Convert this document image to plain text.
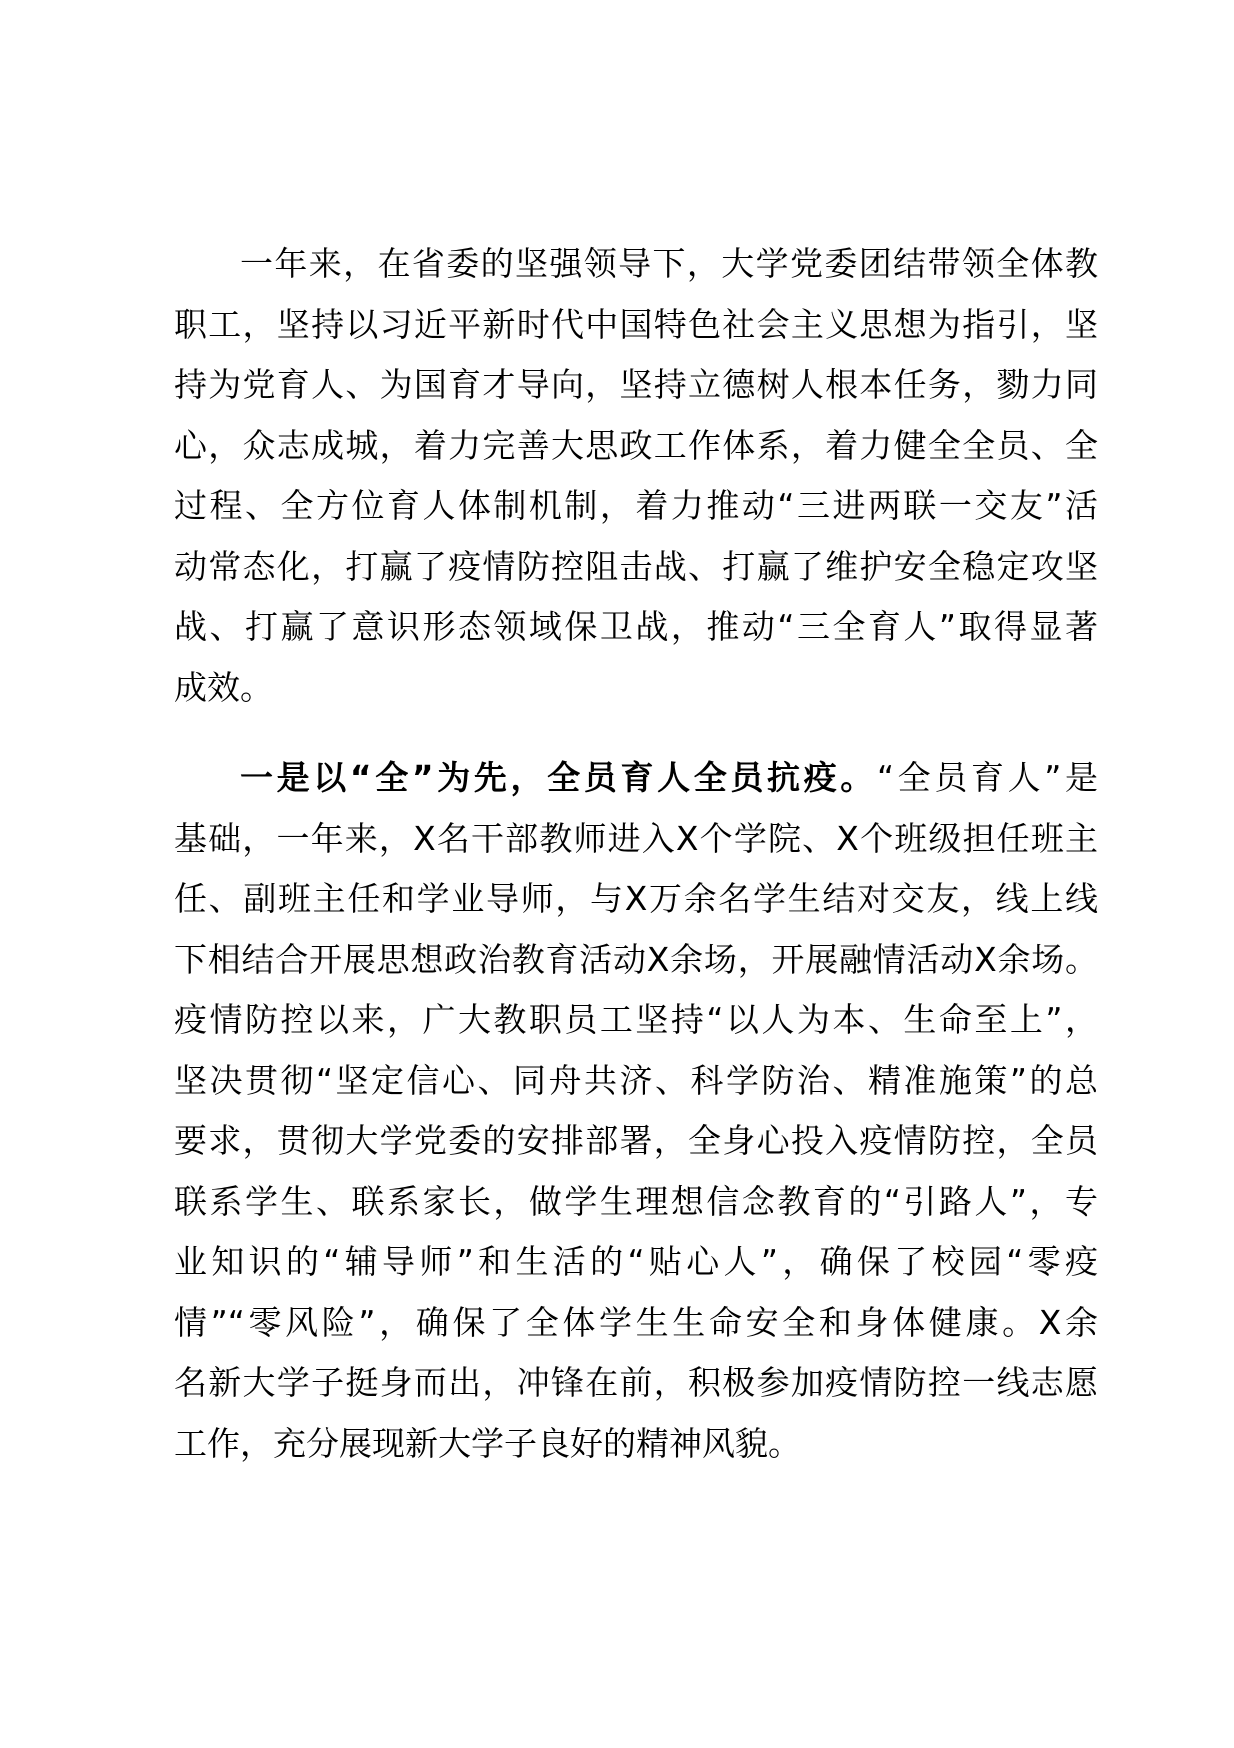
一年来，在省委的坚强领导下，大学党委团结带领全体教
职工，坚持以习近平新时代中国特色社会主义思想为指引，坚
持为党育人、为国育才导向，坚持立德树人根本任务，勠力同
心，众志成城，着力完善大思政工作体系，着力健全全员、全
过程、全方位育人体制机制，着力推动“三进两联一交友”活
动常态化，打赢了疫情防控阻击战、打赢了维护安全稳定攻坚
战、打赢了意识形态领域保卫战，推动“三全育人”取得显著
成效。
一是以“全”为先，全员育人全员抗疫。“全员育人”是
基础，一年来，X名干部教师进入X个学院、X个班级担任班主
任、副班主任和学业导师，与X万余名学生结对交友，线上线
下相结合开展思想政治教育活动X余场，开展融情活动X余场。
疫情防控以来，广大教职员工坚持“以人为本、生命至上”，
坚决贯彻“坚定信心、同舟共济、科学防治、精准施策”的总
要求，贯彻大学党委的安排部署，全身心投入疫情防控，全员
联系学生、联系家长，做学生理想信念教育的“引路人”，专
业知识的“辅导师”和生活的“贴心人”，确保了校园“零疫
情”“零风险”，确保了全体学生生命安全和身体健康。X余
名新大学子挺身而出，冲锋在前，积极参加疫情防控一线志愿
工作，充分展现新大学子良好的精神风貌。
